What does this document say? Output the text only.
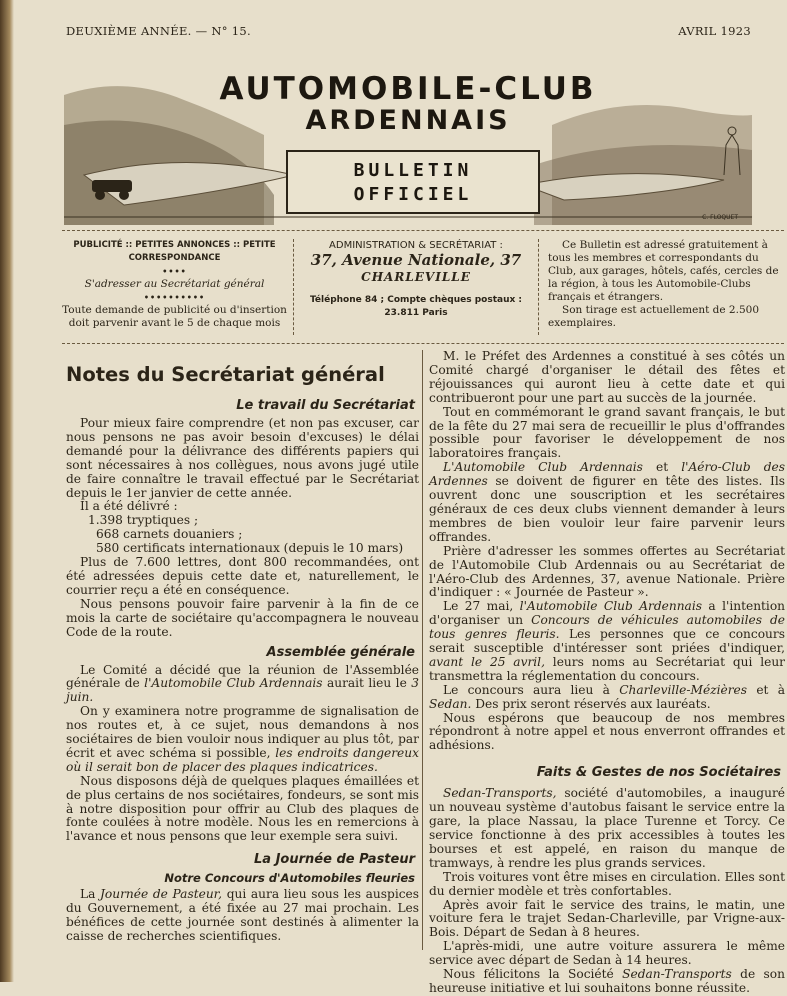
DEUXIÈME ANNÉE. — N° 15.	AVRIL 1923
AUTOMOBILE-CLUB
ARDENNAIS
BULLETIN
OFFICIEL
C. FLOQUET
PUBLICITÉ :: PETITES ANNONCES :: PETITE CORRESPONDANCE
••••
S'adresser au Secrétariat général
••••••••••
Toute demande de publicité ou d'insertion doit parvenir avant le 5 de chaque mois
ADMINISTRATION & SECRÉTARIAT :
37, Avenue Nationale, 37
CHARLEVILLE
Téléphone 84 ; Compte chèques postaux : 23.811 Paris
Ce Bulletin est adressé gratuitement à tous les membres et correspondants du Club, aux garages, hôtels, cafés, cercles de la région, à tous les Automobile-Clubs français et étrangers.
Son tirage est actuellement de 2.500 exemplaires.
Notes du Secrétariat général
Le travail du Secrétariat

Pour mieux faire comprendre (et non pas excuser, car nous pensons ne pas avoir besoin d'excuses) le délai demandé pour la délivrance des différents papiers qui sont nécessaires à nos collègues, nous avons jugé utile de faire connaître le travail effectué par le Secrétariat depuis le 1er janvier de cette année.

Il a été délivré :

1.398 tryptiques ;
668 carnets douaniers ;
580 certificats internationaux (depuis le 10 mars)

Plus de 7.600 lettres, dont 800 recommandées, ont été adressées depuis cette date et, naturellement, le courrier reçu a été en conséquence.

Nous pensons pouvoir faire parvenir à la fin de ce mois la carte de sociétaire qu'accompagnera le nouveau Code de la route.

Assemblée générale

Le Comité a décidé que la réunion de l'Assemblée générale de l'Automobile Club Ardennais aurait lieu le 3 juin.

On y examinera notre programme de signalisation de nos routes et, à ce sujet, nous demandons à nos sociétaires de bien vouloir nous indiquer au plus tôt, par écrit et avec schéma si possible, les endroits dangereux où il serait bon de placer des plaques indicatrices.

Nous disposons déjà de quelques plaques émaillées et de plus certains de nos sociétaires, fondeurs, se sont mis à notre disposition pour offrir au Club des plaques de fonte coulées à notre modèle. Nous les en remercions à l'avance et nous pensons que leur exemple sera suivi.

La Journée de Pasteur
Notre Concours d'Automobiles fleuries

La Journée de Pasteur, qui aura lieu sous les auspices du Gouvernement, a été fixée au 27 mai prochain. Les bénéfices de cette journée sont destinés à alimenter la caisse de recherches scientifiques.

M. le Préfet des Ardennes a constitué à ses côtés un Comité chargé d'organiser le détail des fêtes et réjouissances qui auront lieu à cette date et qui contribueront pour une part au succès de la journée.

Tout en commémorant le grand savant français, le but de la fête du 27 mai sera de recueillir le plus d'offrandes possible pour favoriser le développement de nos laboratoires français.

L'Automobile Club Ardennais et l'Aéro-Club des Ardennes se doivent de figurer en tête des listes. Ils ouvrent donc une souscription et les secrétaires généraux de ces deux clubs viennent demander à leurs membres de bien vouloir leur faire parvenir leurs offrandes.

Prière d'adresser les sommes offertes au Secrétariat de l'Automobile Club Ardennais ou au Secrétariat de l'Aéro-Club des Ardennes, 37, avenue Nationale. Prière d'indiquer : « Journée de Pasteur ».

Le 27 mai, l'Automobile Club Ardennais a l'intention d'organiser un Concours de véhicules automobiles de tous genres fleuris. Les personnes que ce concours serait susceptible d'intéresser sont priées d'indiquer, avant le 25 avril, leurs noms au Secrétariat qui leur transmettra la réglementation du concours.

Le concours aura lieu à Charleville-Mézières et à Sedan. Des prix seront réservés aux lauréats.

Nous espérons que beaucoup de nos membres répondront à notre appel et nous enverront offrandes et adhésions.

Faits & Gestes de nos Sociétaires

Sedan-Transports, société d'automobiles, a inauguré un nouveau système d'autobus faisant le service entre la gare, la place Nassau, la place Turenne et Torcy. Ce service fonctionne à des prix accessibles à toutes les bourses et est appelé, en raison du manque de tramways, à rendre les plus grands services.

Trois voitures vont être mises en circulation. Elles sont du dernier modèle et très confortables.

Après avoir fait le service des trains, le matin, une voiture fera le trajet Sedan-Charleville, par Vrigne-aux-Bois. Départ de Sedan à 8 heures.

L'après-midi, une autre voiture assurera le même service avec départ de Sedan à 14 heures.

Nous félicitons la Société Sedan-Transports de son heureuse initiative et lui souhaitons bonne réussite.
